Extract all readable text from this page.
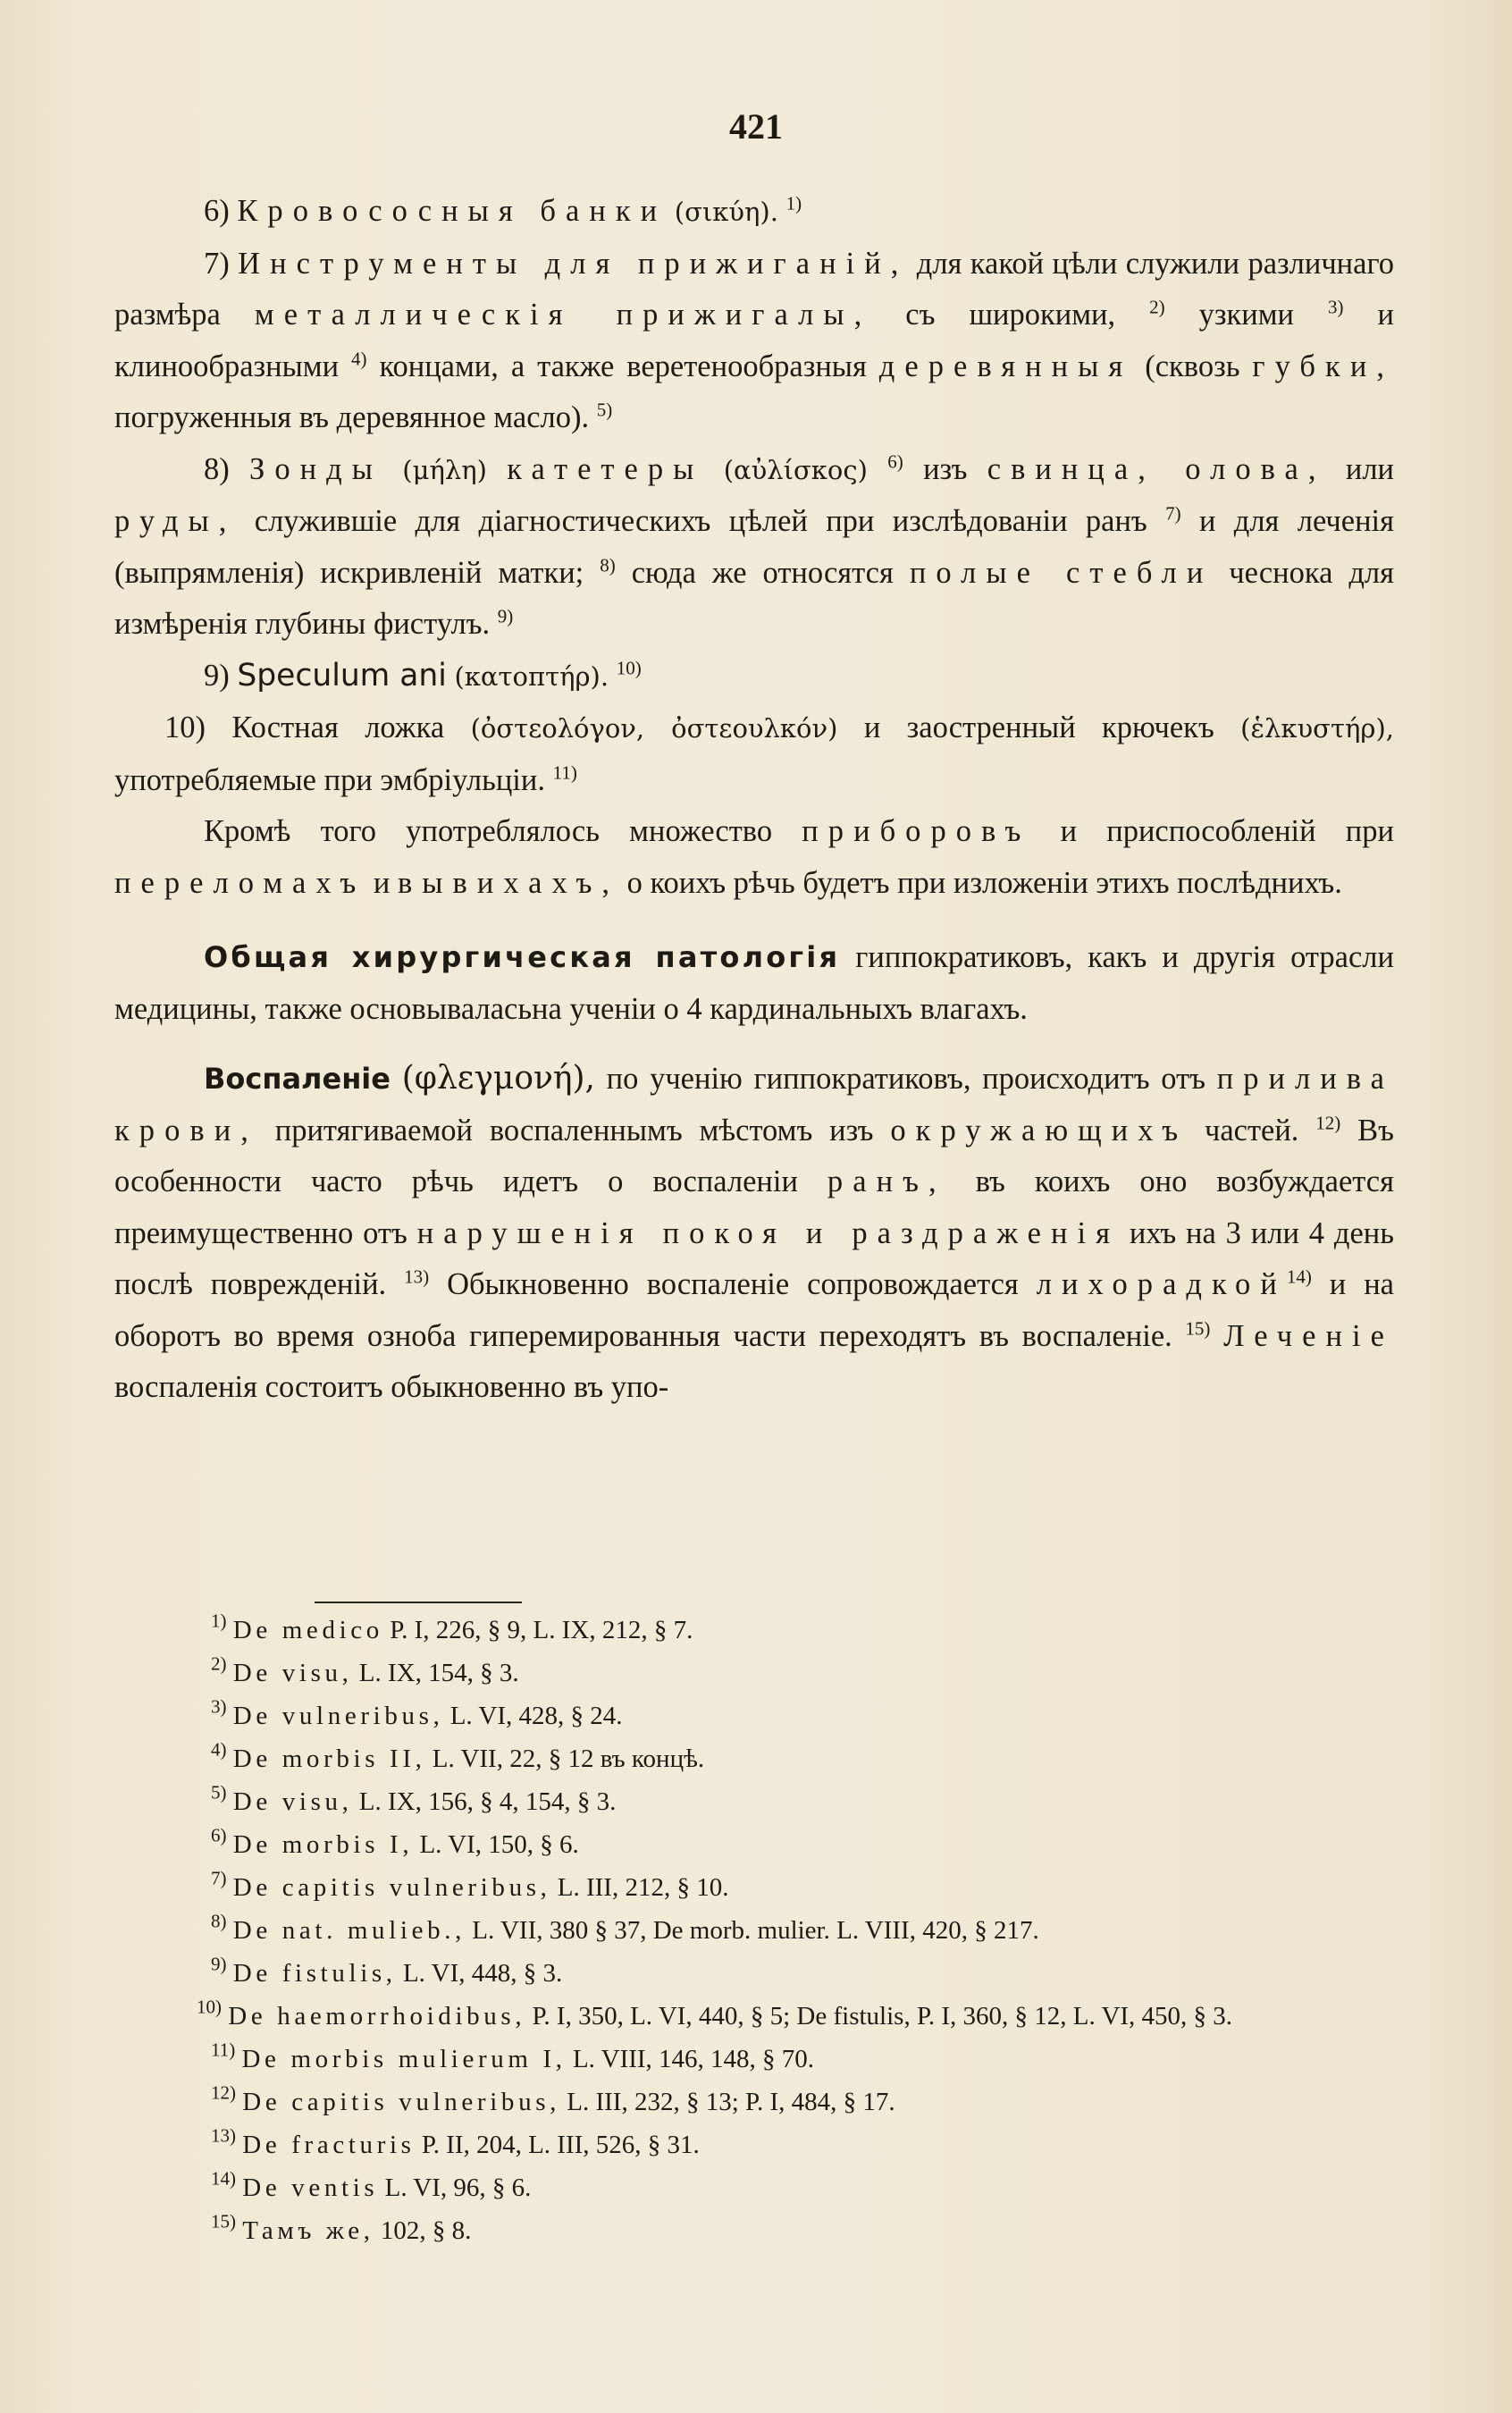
421

6) Кровососныя банки (σικύη). $^{1)}$

7) Инструменты для прижиганій, для какой цѣли служили различнаго размѣра металлическія прижигалы, съ широкими, $^{2)}$ узкими $^{3)}$ и клинообразными $^{4)}$ концами, а также веретенообразныя деревянныя (сквозь губки, погруженныя въ деревянное масло). $^{5)}$

8) Зонды (μήλη) катетеры (αὐλίσκος) $^{6)}$ изъ свинца, олова, или руды, служившіе для діагностическихъ цѣлей при изслѣдованіи ранъ $^{7)}$ и для леченія (выпрямленія) искривленій матки; $^{8)}$ сюда же относятся полые стебли чеснока для измѣренія глубины фистулъ. $^{9)}$

9) Speculum ani (κατοπτήρ). $^{10)}$

10) Костная ложка (ὀστεολόγον, ὀστεουλκόν) и заостренный крючекъ (ἑλκυστήρ), употребляемые при эмбріульціи. $^{11)}$

Кромѣ того употреблялось множество приборовъ и приспособленій при переломахъ и вывихахъ, о коихъ рѣчь будетъ при изложеніи этихъ послѣднихъ.

Общая хирургическая патологія гиппократиковъ, какъ и другія отрасли медицины, также основываласьна ученіи о 4 кардинальныхъ влагахъ.

Воспаленіе (φλεγμονή), по ученію гиппократиковъ, происходитъ отъ прилива крови, притягиваемой воспаленнымъ мѣстомъ изъ окружающихъ частей. $^{12)}$ Въ особенности часто рѣчь идетъ о воспаленіи ранъ, въ коихъ оно возбуждается преимущественно отъ нарушенія покоя и раздраженія ихъ на 3 или 4 день послѣ поврежденій. $^{13)}$ Обыкновенно воспаленіе сопровождается лихорадкой$^{14)}$ и на оборотъ во время озноба гиперемированныя части переходятъ въ воспаленіе. $^{15)}$ Леченіе воспаленія состоитъ обыкновенно въ упо-

$^{1)}$ De medico P. I, 226, § 9, L. IX, 212, § 7.

$^{2)}$ De visu, L. IX, 154, § 3.

$^{3)}$ De vulneribus, L. VI, 428, § 24.

$^{4)}$ De morbis II, L. VII, 22, § 12 въ концѣ.

$^{5)}$ De visu, L. IX, 156, § 4, 154, § 3.

$^{6)}$ De morbis I, L. VI, 150, § 6.

$^{7)}$ De capitis vulneribus, L. III, 212, § 10.

$^{8)}$ De nat. mulieb., L. VII, 380 § 37, De morb. mulier. L. VIII, 420, § 217.

$^{9)}$ De fistulis, L. VI, 448, § 3.

$^{10)}$ De haemorrhoidibus, P. I, 350, L. VI, 440, § 5; De fistulis, P. I, 360, § 12, L. VI, 450, § 3.

$^{11)}$ De morbis mulierum I, L. VIII, 146, 148, § 70.

$^{12)}$ De capitis vulneribus, L. III, 232, § 13; P. I, 484, § 17.

$^{13)}$ De fracturis P. II, 204, L. III, 526, § 31.

$^{14)}$ De ventis L. VI, 96, § 6.

$^{15)}$ Тамъ же, 102, § 8.
